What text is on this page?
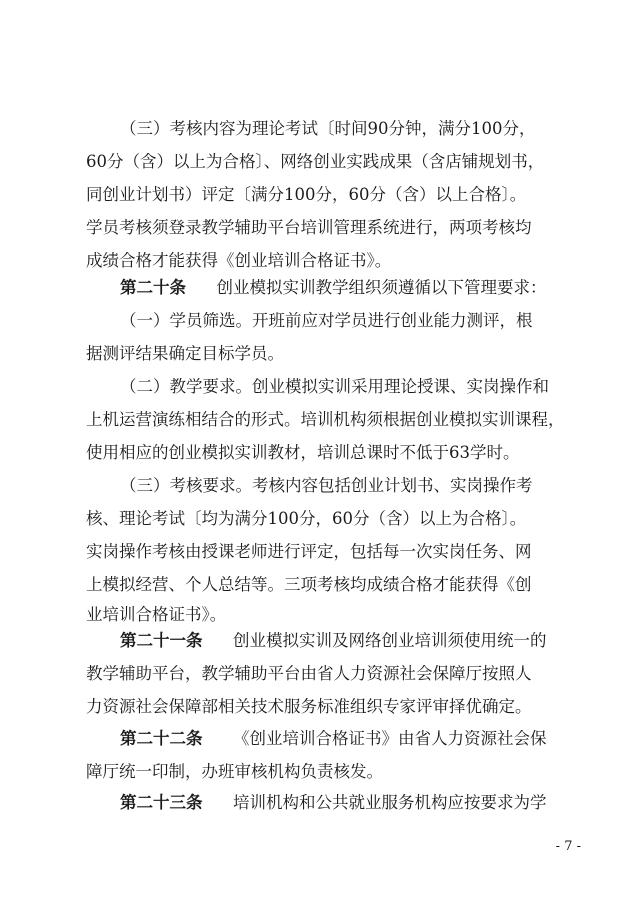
（三）考核内容为理论考试〔时间90分钟，满分100分，
60分（含）以上为合格〕、网络创业实践成果（含店铺规划书，
同创业计划书）评定〔满分100分，60分（含）以上合格〕。
学员考核须登录教学辅助平台培训管理系统进行，两项考核均
成绩合格才能获得《创业培训合格证书》。
第二十条 创业模拟实训教学组织须遵循以下管理要求：
（一）学员筛选。开班前应对学员进行创业能力测评，根
据测评结果确定目标学员。
（二）教学要求。创业模拟实训采用理论授课、实岗操作和
上机运营演练相结合的形式。培训机构须根据创业模拟实训课程，
使用相应的创业模拟实训教材，培训总课时不低于63学时。
（三）考核要求。考核内容包括创业计划书、实岗操作考
核、理论考试〔均为满分100分，60分（含）以上为合格〕。
实岗操作考核由授课老师进行评定，包括每一次实岗任务、网
上模拟经营、个人总结等。三项考核均成绩合格才能获得《创
业培训合格证书》。
第二十一条 创业模拟实训及网络创业培训须使用统一的
教学辅助平台，教学辅助平台由省人力资源社会保障厅按照人
力资源社会保障部相关技术服务标准组织专家评审择优确定。
第二十二条 《创业培训合格证书》由省人力资源社会保
障厅统一印制，办班审核机构负责核发。
第二十三条 培训机构和公共就业服务机构应按要求为学
- 7 -
